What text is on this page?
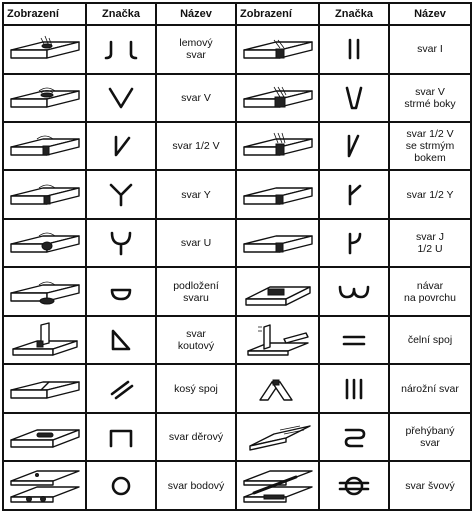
Zobrazení	Značka	Název	Zobrazení	Značka	Název

lemový
svar			svar I

svar V			svar V
strmé boky

svar 1/2 V			svar 1/2 V
se strmým
bokem

svar Y			svar 1/2 Y

svar U			svar J
1/2 U

podložení
svaru			návar
na povrchu

svar
koutový			čelní spoj

kosý spoj			nárožní svar

svar děrový			přehýbaný
svar

svar bodový			svar švový
